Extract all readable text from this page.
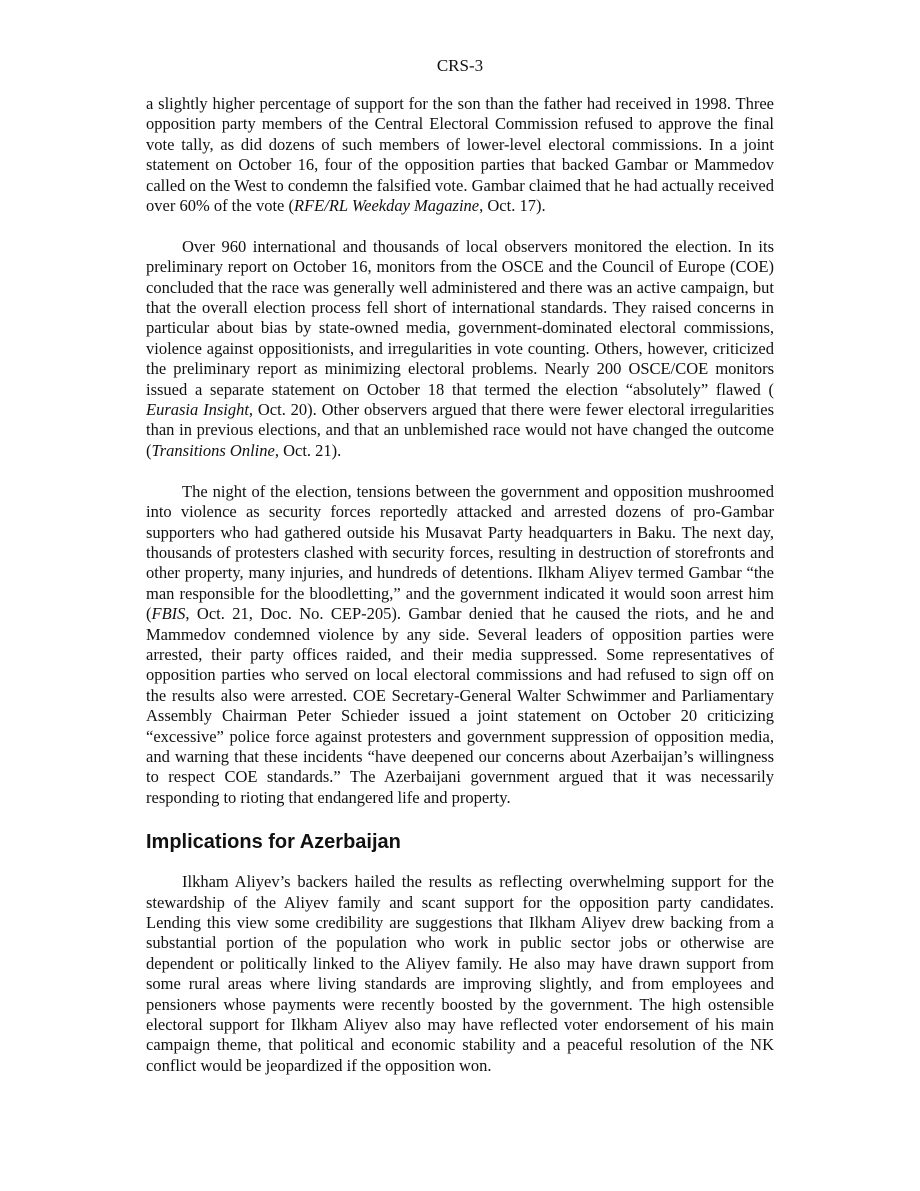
CRS-3

a slightly higher percentage of support for the son than the father had received in 1998. Three opposition party members of the Central Electoral Commission refused to approve the final vote tally, as did dozens of such members of lower-level electoral commissions. In a joint statement on October 16, four of the opposition parties that backed Gambar or Mammedov called on the West to condemn the falsified vote. Gambar claimed that he had actually received over 60% of the vote (RFE/RL Weekday Magazine, Oct. 17).

Over 960 international and thousands of local observers monitored the election. In its preliminary report on October 16, monitors from the OSCE and the Council of Europe (COE) concluded that the race was generally well administered and there was an active campaign, but that the overall election process fell short of international standards. They raised concerns in particular about bias by state-owned media, government-dominated electoral commissions, violence against oppositionists, and irregularities in vote counting. Others, however, criticized the preliminary report as minimizing electoral problems. Nearly 200 OSCE/COE monitors issued a separate statement on October 18 that termed the election “absolutely” flawed ( Eurasia Insight, Oct. 20). Other observers argued that there were fewer electoral irregularities than in previous elections, and that an unblemished race would not have changed the outcome (Transitions Online, Oct. 21).

The night of the election, tensions between the government and opposition mushroomed into violence as security forces reportedly attacked and arrested dozens of pro-Gambar supporters who had gathered outside his Musavat Party headquarters in Baku. The next day, thousands of protesters clashed with security forces, resulting in destruction of storefronts and other property, many injuries, and hundreds of detentions. Ilkham Aliyev termed Gambar “the man responsible for the bloodletting,” and the government indicated it would soon arrest him (FBIS, Oct. 21, Doc. No. CEP-205). Gambar denied that he caused the riots, and he and Mammedov condemned violence by any side. Several leaders of opposition parties were arrested, their party offices raided, and their media suppressed. Some representatives of opposition parties who served on local electoral commissions and had refused to sign off on the results also were arrested. COE Secretary-General Walter Schwimmer and Parliamentary Assembly Chairman Peter Schieder issued a joint statement on October 20 criticizing “excessive” police force against protesters and government suppression of opposition media, and warning that these incidents “have deepened our concerns about Azerbaijan’s willingness to respect COE standards.” The Azerbaijani government argued that it was necessarily responding to rioting that endangered life and property.

Implications for Azerbaijan

Ilkham Aliyev’s backers hailed the results as reflecting overwhelming support for the stewardship of the Aliyev family and scant support for the opposition party candidates. Lending this view some credibility are suggestions that Ilkham Aliyev drew backing from a substantial portion of the population who work in public sector jobs or otherwise are dependent or politically linked to the Aliyev family. He also may have drawn support from some rural areas where living standards are improving slightly, and from employees and pensioners whose payments were recently boosted by the government. The high ostensible electoral support for Ilkham Aliyev also may have reflected voter endorsement of his main campaign theme, that political and economic stability and a peaceful resolution of the NK conflict would be jeopardized if the opposition won.
